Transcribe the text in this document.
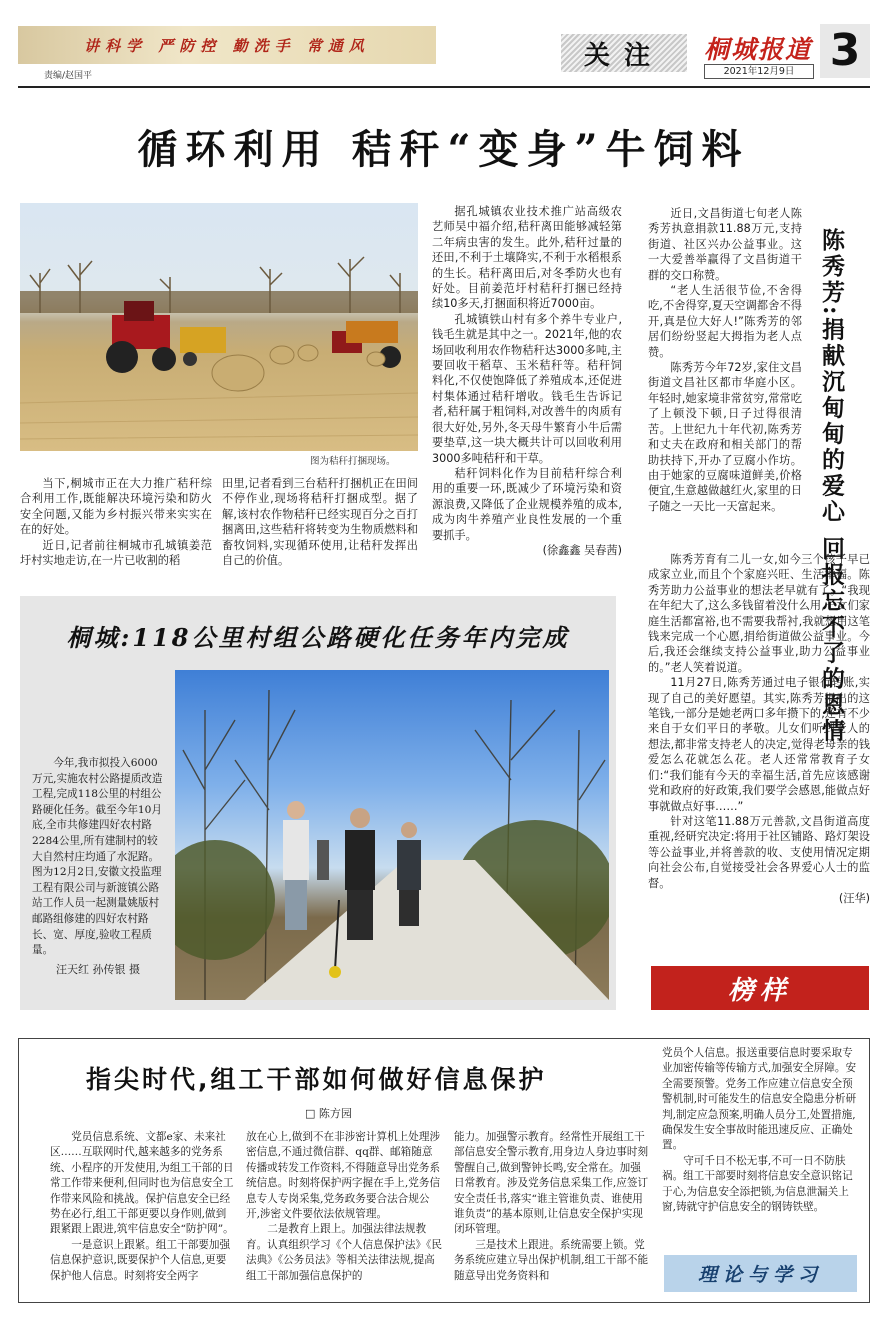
讲科学 严防控 勤洗手 常通风
责编/赵国平
关注	桐城报道
2021年12月9日 3
循环利用 秸秆“变身”牛饲料
图为秸秆打捆现场。

当下,桐城市正在大力推广秸秆综合利用工作,既能解决环境污染和防火安全问题,又能为乡村振兴带来实实在在的好处。

近日,记者前往桐城市孔城镇姜范圩村实地走访,在一片已收割的稻

田里,记者看到三台秸秆打捆机正在田间不停作业,现场将秸秆打捆成型。据了解,该村农作物秸秆已经实现百分之百打捆离田,这些秸秆将转变为生物质燃料和畜牧饲料,实现循环使用,让秸秆发挥出自己的价值。

据孔城镇农业技术推广站高级农艺师吴中福介绍,秸秆离田能够减轻第二年病虫害的发生。此外,秸秆过量的还田,不利于土壤降实,不利于水稻根系的生长。秸秆离田后,对冬季防火也有好处。目前姜范圩村秸秆打捆已经持续10多天,打捆面积将近7000亩。

孔城镇铁山村有多个养牛专业户,钱毛生就是其中之一。2021年,他的农场回收利用农作物秸秆达3000多吨,主要回收干稻草、玉米秸秆等。秸秆饲料化,不仅使饱降低了养殖成本,还促进村集体通过秸秆增收。钱毛生告诉记者,秸秆属于粗饲料,对改善牛的肉质有很大好处,另外,冬天母牛繁育小牛后需要垫草,这一块大概共计可以回收利用3000多吨秸秆和干草。

秸秆饲料化作为目前秸秆综合利用的重要一环,既减少了环境污染和资源浪费,又降低了企业规模养殖的成本,成为肉牛养殖产业良性发展的一个重要抓手。

(徐鑫鑫 吴春茜)	陈秀芳:捐献沉甸甸的爱心 回报忘不了的恩情

近日,文昌街道七旬老人陈秀芳执意捐款11.88万元,支持街道、社区兴办公益事业。这一大爱善举赢得了文昌街道干群的交口称赞。

“老人生活很节俭,不舍得吃,不舍得穿,夏天空调都舍不得开,真是位大好人!”陈秀芳的邻居们纷纷竖起大拇指为老人点赞。

陈秀芳今年72岁,家住文昌街道文昌社区都市华庭小区。年轻时,她家境非常贫穷,常常吃了上顿没下顿,日子过得很清苦。上世纪九十年代初,陈秀芳和丈夫在政府和相关部门的帮助扶持下,开办了豆腐小作坊。由于她家的豆腐味道鲜美,价格便宜,生意越做越红火,家里的日子随之一天比一天富起来。

陈秀芳育有二儿一女,如今三个孩子早已成家立业,而且个个家庭兴旺、生活幸福。陈秀芳助力公益事业的想法老早就有了。“我现在年纪大了,这么多钱留着没什么用,子女们家庭生活都富裕,也不需要我帮衬,我就想用这笔钱来完成一个心愿,捐给街道做公益事业。今后,我还会继续支持公益事业,助力公益事业的。”老人笑着说道。

11月27日,陈秀芳通过电子银行转账,实现了自己的美好愿望。其实,陈秀芳捐出的这笔钱,一部分是她老两口多年攒下的,还有不少来自于女们平日的孝敬。儿女们听到老人的想法,都非常支持老人的决定,觉得老母亲的钱爱怎么花就怎么花。老人还常常教育子女们:“我们能有今天的幸福生活,首先应该感谢党和政府的好政策,我们要学会感恩,能做点好事就做点好事……”

针对这笔11.88万元善款,文昌街道高度重视,经研究决定:将用于社区铺路、路灯架设等公益事业,并将善款的收、支使用情况定期向社会公布,自觉接受社会各界爱心人士的监督。

(汪华)

桐城:118公里村组公路硬化任务年内完成

今年,我市拟投入6000万元,实施农村公路提质改造工程,完成118公里的村组公路硬化任务。截至今年10月底,全市共修建四好农村路2284公里,所有建制村的较大自然村庄均通了水泥路。图为12月2日,安徽文投监理工程有限公司与新渡镇公路站工作人员一起测量姚版村邮路组修建的四好农村路长、宽、厚度,验收工程质量。

汪天红 孙传银 摄
榜样
指尖时代,组工干部如何做好信息保护
□ 陈方园

党员信息系统、文都e家、未来社区……互联网时代,越来越多的党务系统、小程序的开发使用,为组工干部的日常工作带来便利,但同时也为信息安全工作带来风险和挑战。保护信息安全已经势在必行,组工干部更要以身作则,做到跟紧跟上跟进,筑牢信息安全“防护网”。

一是意识上跟紧。组工干部要加强信息保护意识,既要保护个人信息,更要保护他人信息。时刻将安全两字

放在心上,做到不在非涉密计算机上处理涉密信息,不通过微信群、qq群、邮箱随意传播或转发工作资料,不得随意导出党务系统信息。时刻将保护两字握在手上,党务信息专人专岗采集,党务政务要合法合规公开,涉密文件要依法依规管理。

二是教育上跟上。加强法律法规教育。认真组织学习《个人信息保护法》《民法典》《公务员法》等相关法律法规,提高组工干部加强信息保护的

能力。加强警示教育。经常性开展组工干部信息安全警示教育,用身边人身边事时刻警醒自己,做到警钟长鸣,安全常在。加强日常教育。涉及党务信息采集工作,应签订安全责任书,落实“谁主管谁负责、谁使用谁负责”的基本原则,让信息安全保护实现闭环管理。

三是技术上跟进。系统需要上锁。党务系统应建立导出保护机制,组工干部不能随意导出党务资料和

党员个人信息。报送重要信息时要采取专业加密传输等传输方式,加强安全屏障。安全需要预警。党务工作应建立信息安全预警机制,时可能发生的信息安全隐患分析研判,制定应急预案,明确人员分工,处置措施,确保发生安全事故时能迅速反应、正确处置。

守可千日不松无事,不可一日不防肤祸。组工干部要时刻将信息安全意识铭记于心,为信息安全添把锁,为信息泄漏关上窗,铸就守护信息安全的钢铸铁壁。

理论与学习
